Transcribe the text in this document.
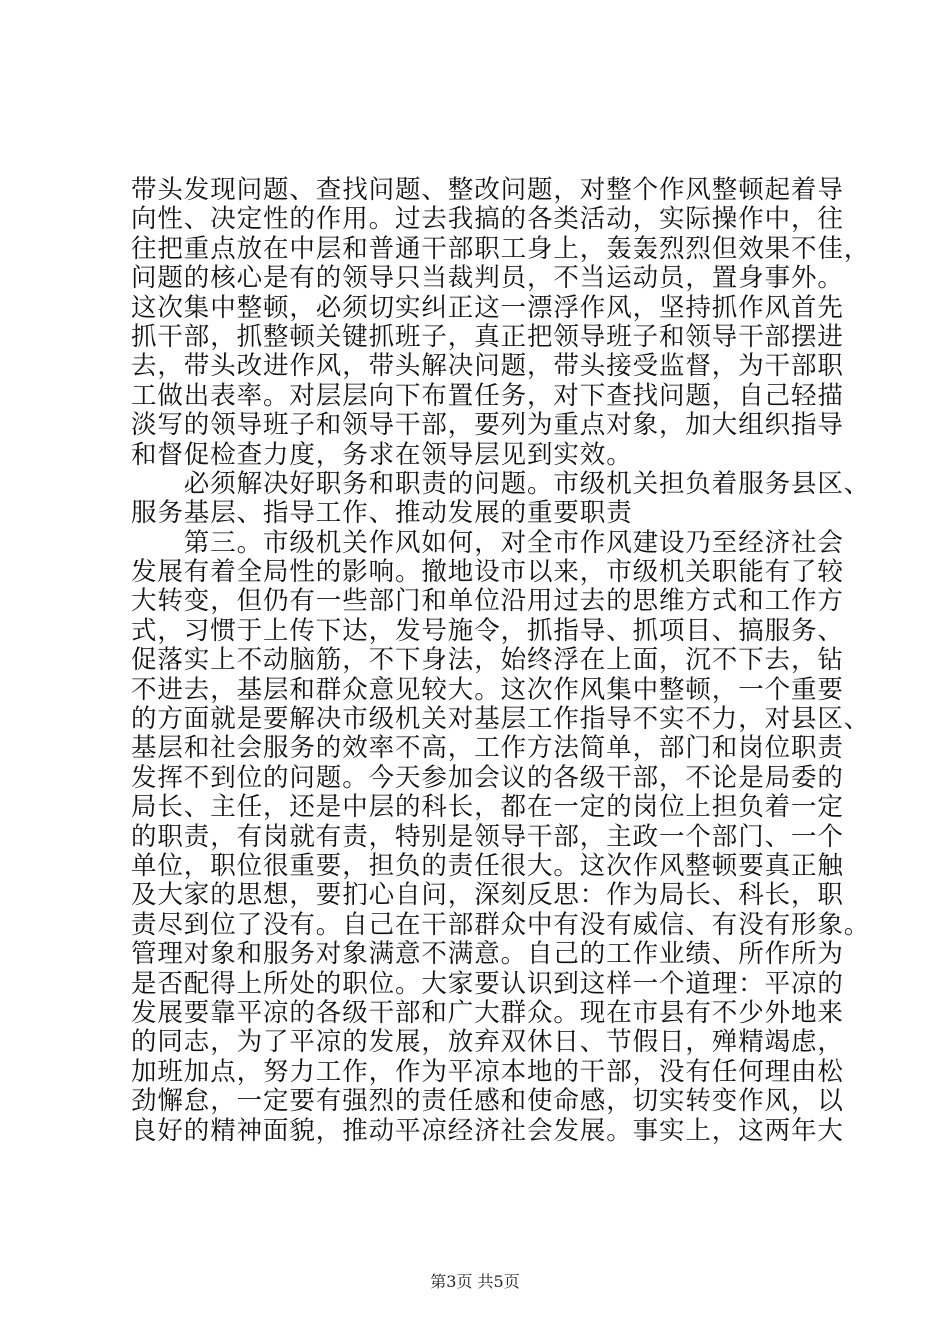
带头发现问题、查找问题、整改问题，对整个作风整顿起着导
向性、决定性的作用。过去我搞的各类活动，实际操作中，往
往把重点放在中层和普通干部职工身上，轰轰烈烈但效果不佳，
问题的核心是有的领导只当裁判员，不当运动员，置身事外。
这次集中整顿，必须切实纠正这一漂浮作风，坚持抓作风首先
抓干部，抓整顿关键抓班子，真正把领导班子和领导干部摆进
去，带头改进作风，带头解决问题，带头接受监督，为干部职
工做出表率。对层层向下布置任务，对下查找问题，自己轻描
淡写的领导班子和领导干部，要列为重点对象，加大组织指导
和督促检查力度，务求在领导层见到实效。
　　必须解决好职务和职责的问题。市级机关担负着服务县区、
服务基层、指导工作、推动发展的重要职责
　　第三。市级机关作风如何，对全市作风建设乃至经济社会
发展有着全局性的影响。撤地设市以来，市级机关职能有了较
大转变，但仍有一些部门和单位沿用过去的思维方式和工作方
式，习惯于上传下达，发号施令，抓指导、抓项目、搞服务、
促落实上不动脑筋，不下身法，始终浮在上面，沉不下去，钻
不进去，基层和群众意见较大。这次作风集中整顿，一个重要
的方面就是要解决市级机关对基层工作指导不实不力，对县区、
基层和社会服务的效率不高，工作方法简单，部门和岗位职责
发挥不到位的问题。今天参加会议的各级干部，不论是局委的
局长、主任，还是中层的科长，都在一定的岗位上担负着一定
的职责，有岗就有责，特别是领导干部，主政一个部门、一个
单位，职位很重要，担负的责任很大。这次作风整顿要真正触
及大家的思想，要扪心自问，深刻反思：作为局长、科长，职
责尽到位了没有。自己在干部群众中有没有威信、有没有形象。
管理对象和服务对象满意不满意。自己的工作业绩、所作所为
是否配得上所处的职位。大家要认识到这样一个道理：平凉的
发展要靠平凉的各级干部和广大群众。现在市县有不少外地来
的同志，为了平凉的发展，放弃双休日、节假日，殚精竭虑，
加班加点，努力工作，作为平凉本地的干部，没有任何理由松
劲懈怠，一定要有强烈的责任感和使命感，切实转变作风，以
良好的精神面貌，推动平凉经济社会发展。事实上，这两年大
第3页 共5页
